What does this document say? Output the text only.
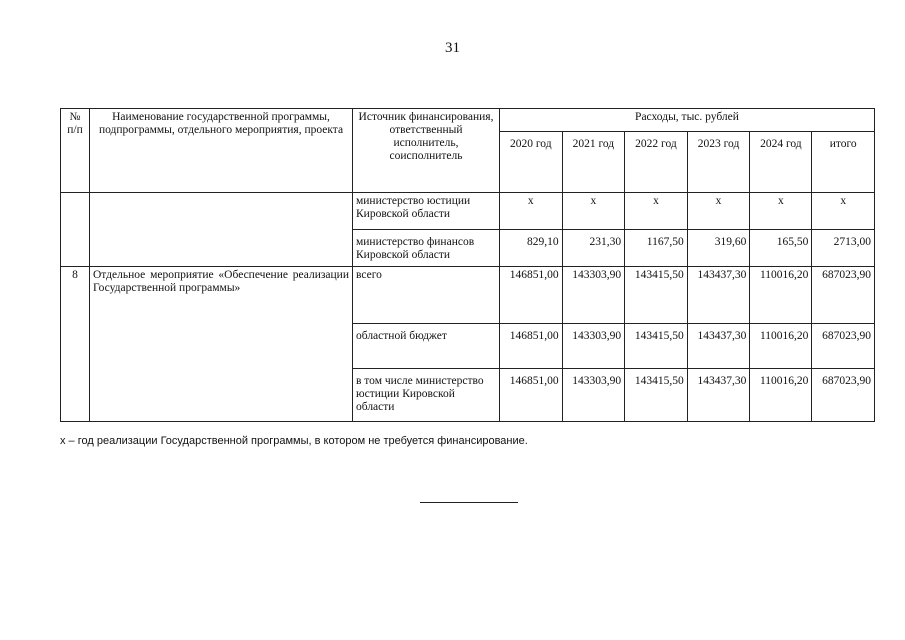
31
№ п/п	Наименование государственной программы, подпрограммы, отдельного мероприятия, проекта	Источник финансирования, ответственный исполнитель, соисполнитель	Расходы, тыс. рублей					
			2020 год	2021 год	2022 год	2023 год	2024 год	итого
		министерство юстиции Кировской области	x	x	x	x	x	x
		министерство финансов Кировской области	829,10	231,30	1167,50	319,60	165,50	2713,00
8	Отдельное мероприятие «Обеспечение реализации Государственной программы»	всего	146851,00	143303,90	143415,50	143437,30	110016,20	687023,90
		областной бюджет	146851,00	143303,90	143415,50	143437,30	110016,20	687023,90
		в том числе министерство юстиции Кировской области	146851,00	143303,90	143415,50	143437,30	110016,20	687023,90
x – год реализации Государственной программы, в котором не требуется финансирование.
